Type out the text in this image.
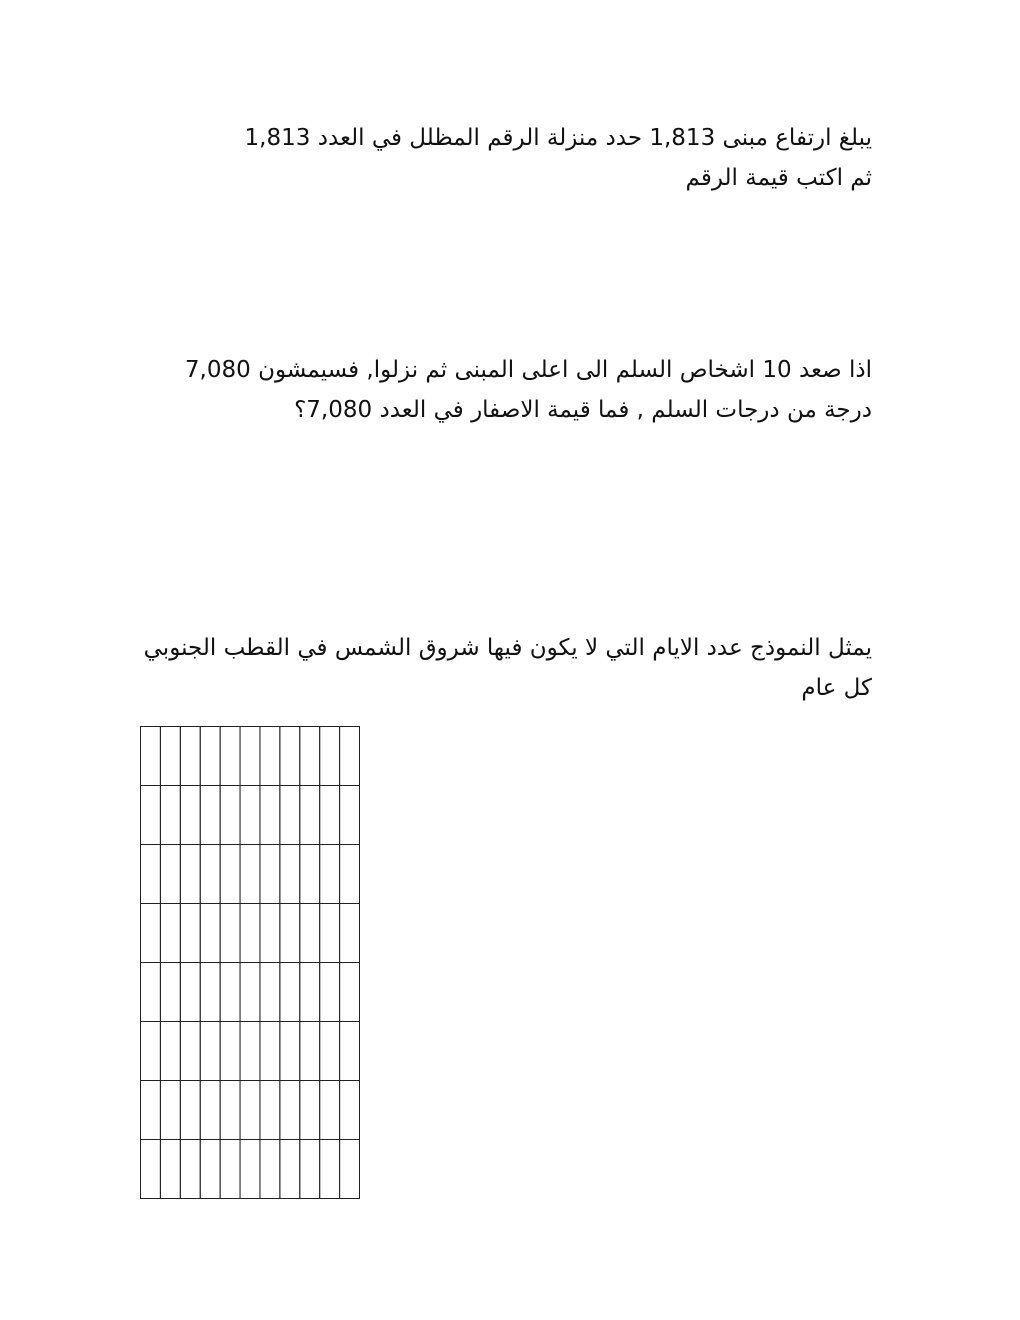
يبلغ ارتفاع مبنى 1,813 حدد منزلة الرقم المظلل في العدد 1,813
ثم اكتب قيمة الرقم
اذا صعد 10 اشخاص السلم الى اعلى المبنى ثم نزلوا, فسيمشون 7,080
درجة من درجات السلم , فما قيمة الاصفار في العدد 7,080؟
يمثل النموذج عدد الايام التي لا يكون فيها شروق الشمس في القطب الجنوبي
كل عام
